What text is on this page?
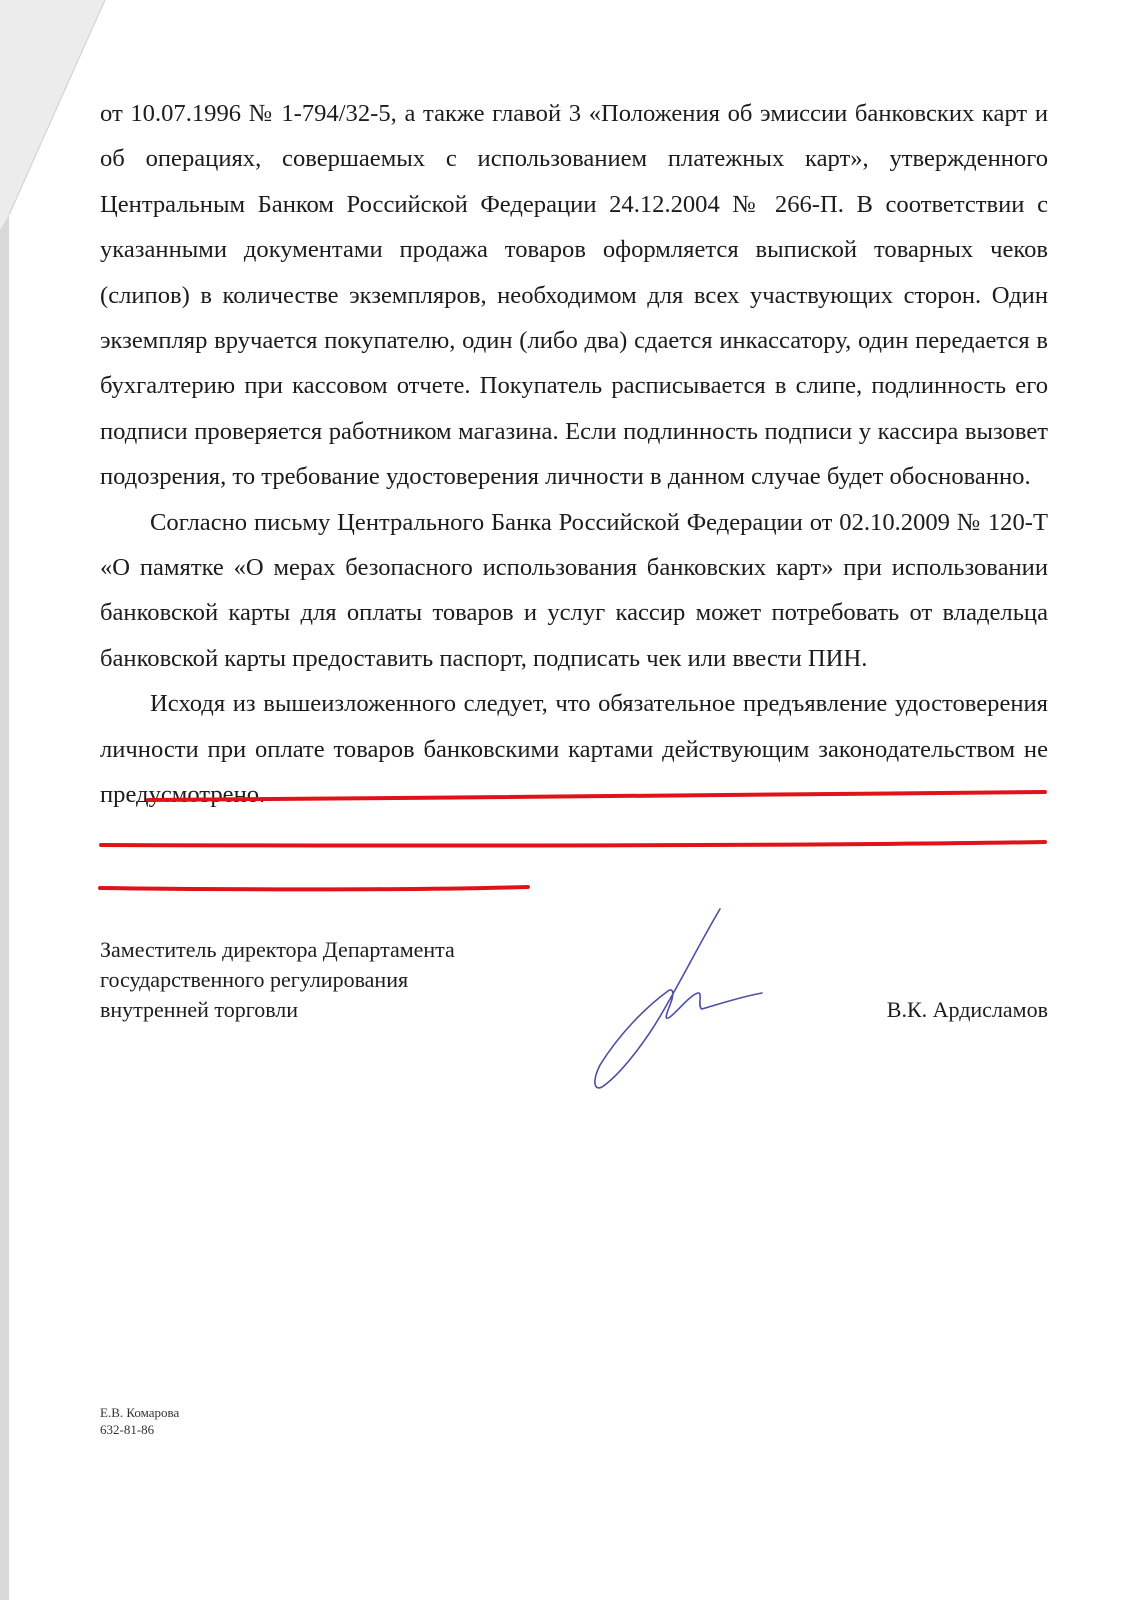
от 10.07.1996 № 1-794/32-5, а также главой 3 «Положения об эмиссии банковских карт и об операциях, совершаемых с использованием платежных карт», утвержденного Центральным Банком Российской Федерации 24.12.2004 № 266-П. В соответствии с указанными документами продажа товаров оформляется выпиской товарных чеков (слипов) в количестве экземпляров, необходимом для всех участвующих сторон. Один экземпляр вручается покупателю, один (либо два) сдается инкассатору, один передается в бухгалтерию при кассовом отчете. Покупатель расписывается в слипе, подлинность его подписи проверяется работником магазина. Если подлинность подписи у кассира вызовет подозрения, то требование удостоверения личности в данном случае будет обоснованно.

Согласно письму Центрального Банка Российской Федерации от 02.10.2009 № 120-Т «О памятке «О мерах безопасного использования банковских карт» при использовании банковской карты для оплаты товаров и услуг кассир может потребовать от владельца банковской карты предоставить паспорт, подписать чек или ввести ПИН.

Исходя из вышеизложенного следует, что обязательное предъявление удостоверения личности при оплате товаров банковскими картами действующим законодательством не предусмотрено.

Заместитель директора Департамента
государственного регулирования
внутренней торговли	В.К. Ардисламов
Е.В. Комарова
632-81-86
